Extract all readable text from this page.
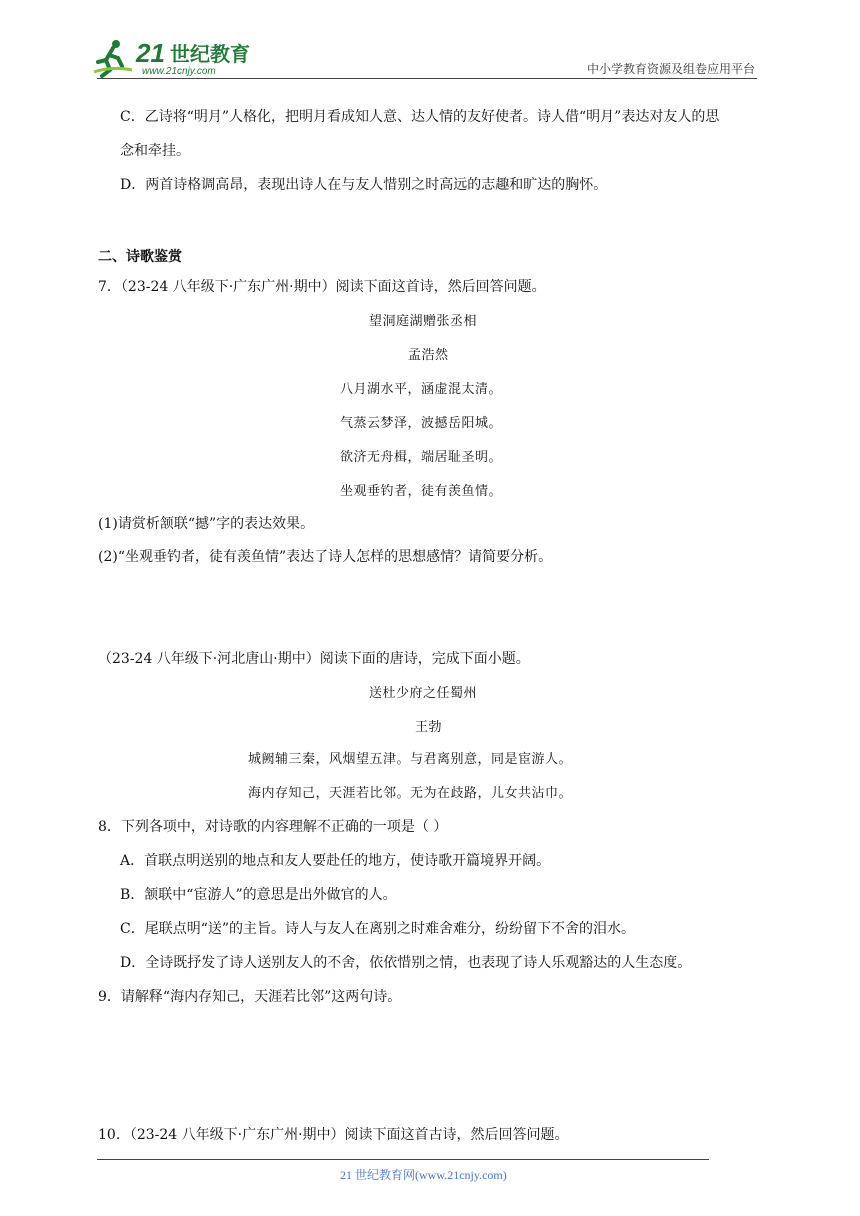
21 世纪教育
www.21cnjy.com	中小学教育资源及组卷应用平台
C．乙诗将“明月”人格化，把明月看成知人意、达人情的友好使者。诗人借“明月”表达对友人的思
念和牵挂。
D．两首诗格调高昂，表现出诗人在与友人惜别之时高远的志趣和旷达的胸怀。
二、诗歌鉴赏
7．（23-24 八年级下·广东广州·期中）阅读下面这首诗，然后回答问题。
望洞庭湖赠张丞相
孟浩然
八月湖水平，涵虚混太清。
气蒸云梦泽，波撼岳阳城。
欲济无舟楫，端居耻圣明。
坐观垂钓者，徒有羡鱼情。
(1)请赏析颔联“撼”字的表达效果。
(2)“坐观垂钓者，徒有羡鱼情”表达了诗人怎样的思想感情？请简要分析。
（23-24 八年级下·河北唐山·期中）阅读下面的唐诗，完成下面小题。
送杜少府之任蜀州
王勃
城阙辅三秦，风烟望五津。与君离别意，同是宦游人。
海内存知己，天涯若比邻。无为在歧路，儿女共沾巾。
8．下列各项中，对诗歌的内容理解不正确的一项是（ ）
A．首联点明送别的地点和友人要赴任的地方，使诗歌开篇境界开阔。
B．颔联中“宦游人”的意思是出外做官的人。
C．尾联点明“送”的主旨。诗人与友人在离别之时难舍难分，纷纷留下不舍的泪水。
D．全诗既抒发了诗人送别友人的不舍，依依惜别之情，也表现了诗人乐观豁达的人生态度。
9．请解释“海内存知己，天涯若比邻”这两句诗。
10．（23-24 八年级下·广东广州·期中）阅读下面这首古诗，然后回答问题。
21 世纪教育网(www.21cnjy.com)
